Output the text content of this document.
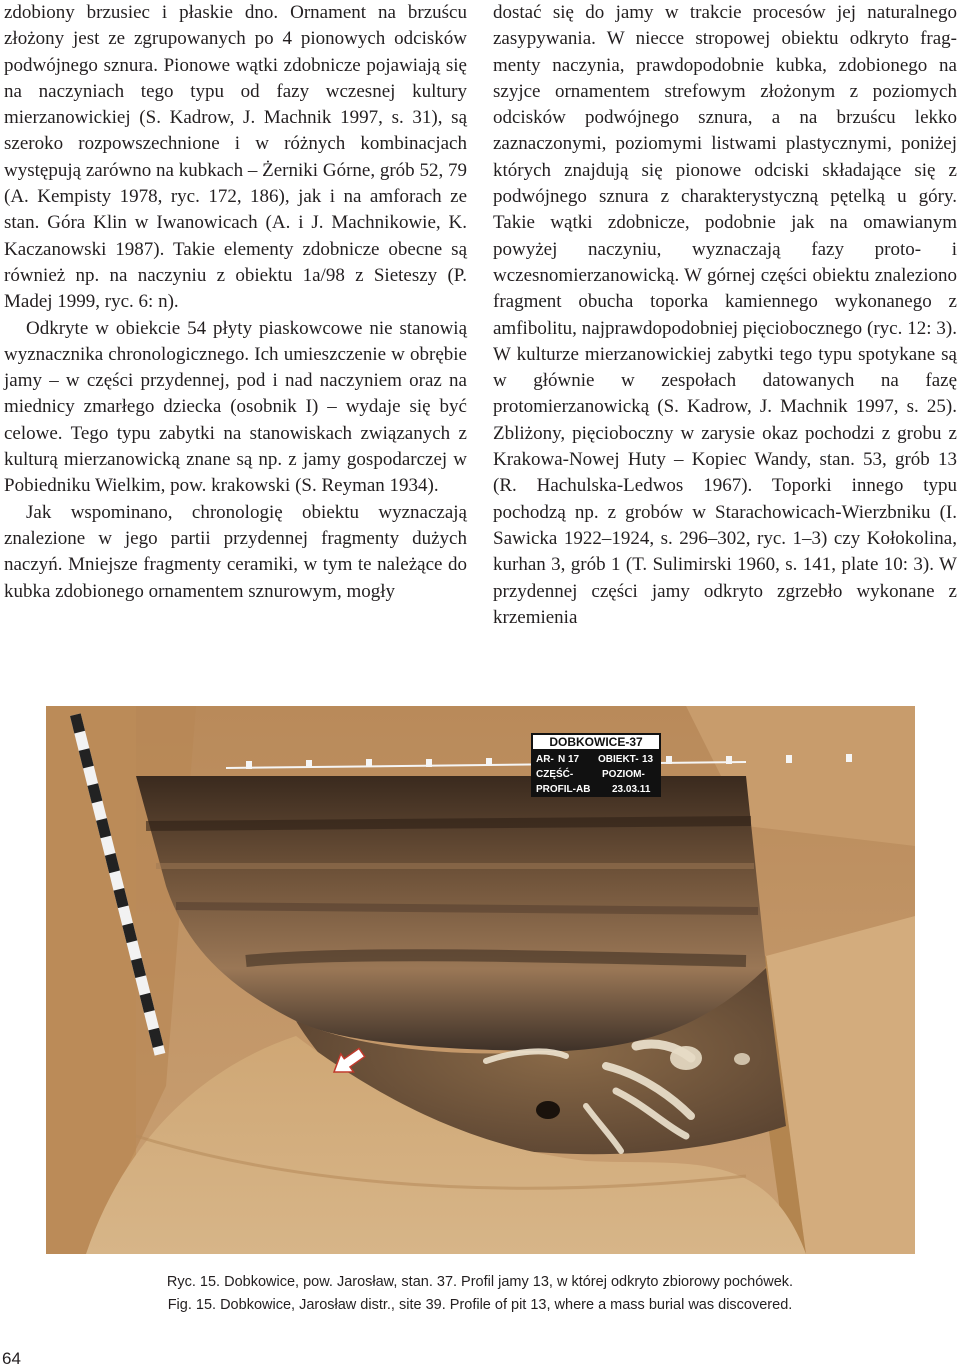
zdobiony brzusiec i płaskie dno. Ornament na brzuścu złożony jest ze zgrupowanych po 4 pionowych odcisków podwójnego sznura. Pionowe wątki zdobnicze pojawiają się na naczyniach tego typu od fazy wczesnej kultury mierzanowickiej (S. Kadrow, J. Machnik 1997, s. 31), są szeroko rozpowszechnione i w różnych kombinacjach występują zarówno na kubkach – Żerniki Górne, grób 52, 79 (A. Kempisty 1978, ryc. 172, 186), jak i na amforach ze stan. Góra Klin w Iwanowicach (A. i J. Machnikowie, K. Kaczanowski 1987). Takie elementy zdobnicze obecne są również np. na naczyniu z obiektu 1a/98 z Sieteszy (P. Madej 1999, ryc. 6: n).

Odkryte w obiekcie 54 płyty piaskowcowe nie stanowią wyznacznika chronologicznego. Ich umieszczenie w obrębie jamy – w części przydennej, pod i nad naczyniem oraz na miednicy zmarłego dziecka (osobnik I) – wydaje się być celowe. Tego typu zabytki na stanowiskach związanych z kulturą mierzanowicką znane są np. z jamy gospodarczej w Pobiedniku Wielkim, pow. krakowski (S. Reyman 1934).

Jak wspominano, chronologię obiektu wyznaczają znalezione w jego partii przydennej fragmenty dużych naczyń. Mniejsze fragmenty ceramiki, w tym te należące do kubka zdobionego ornamentem sznurowym, mogły

dostać się do jamy w trakcie procesów jej naturalnego zasypywania. W niecce stropowej obiektu odkryto fragmenty naczynia, prawdopodobnie kubka, zdobionego na szyjce ornamentem strefowym złożonym z poziomych odcisków podwójnego sznura, a na brzuścu lekko zaznaczonymi, poziomymi listwami plastycznymi, poniżej których znajdują się pionowe odciski składające się z podwójnego sznura z charakterystyczną pętelką u góry. Takie wątki zdobnicze, podobnie jak na omawianym powyżej naczyniu, wyznaczają fazy proto- i wczesnomierzanowicką. W górnej części obiektu znaleziono fragment obucha toporka kamiennego wykonanego z amfibolitu, najprawdopodobniej pięciobocznego (ryc. 12: 3). W kulturze mierzanowickiej zabytki tego typu spotykane są w głównie w zespołach datowanych na fazę protomierzanowicką (S. Kadrow, J. Machnik 1997, s. 25). Zbliżony, pięcioboczny w zarysie okaz pochodzi z grobu z Krakowa-Nowej Huty – Kopiec Wandy, stan. 53, grób 13 (R. Hachulska-Ledwos 1967). Toporki innego typu pochodzą np. z grobów w Starachowicach-Wierzbniku (I. Sawicka 1922–1924, s. 296–302, ryc. 1–3) czy Kołokolina, kurhan 3, grób 1 (T. Sulimirski 1960, s. 141, plate 10: 3). W przydennej części jamy odkryto zgrzebło wykonane z krzemienia

DOBKOWICE-37
AR- N 17 OBIEKT- 13
CZĘŚĆ-	POZIOM-
PROFIL-AB 23.03.11
Ryc. 15. Dobkowice, pow. Jarosław, stan. 37. Profil jamy 13, w której odkryto zbiorowy pochówek.
Fig. 15. Dobkowice, Jarosław distr., site 39. Profile of pit 13, where a mass burial was discovered.
64
